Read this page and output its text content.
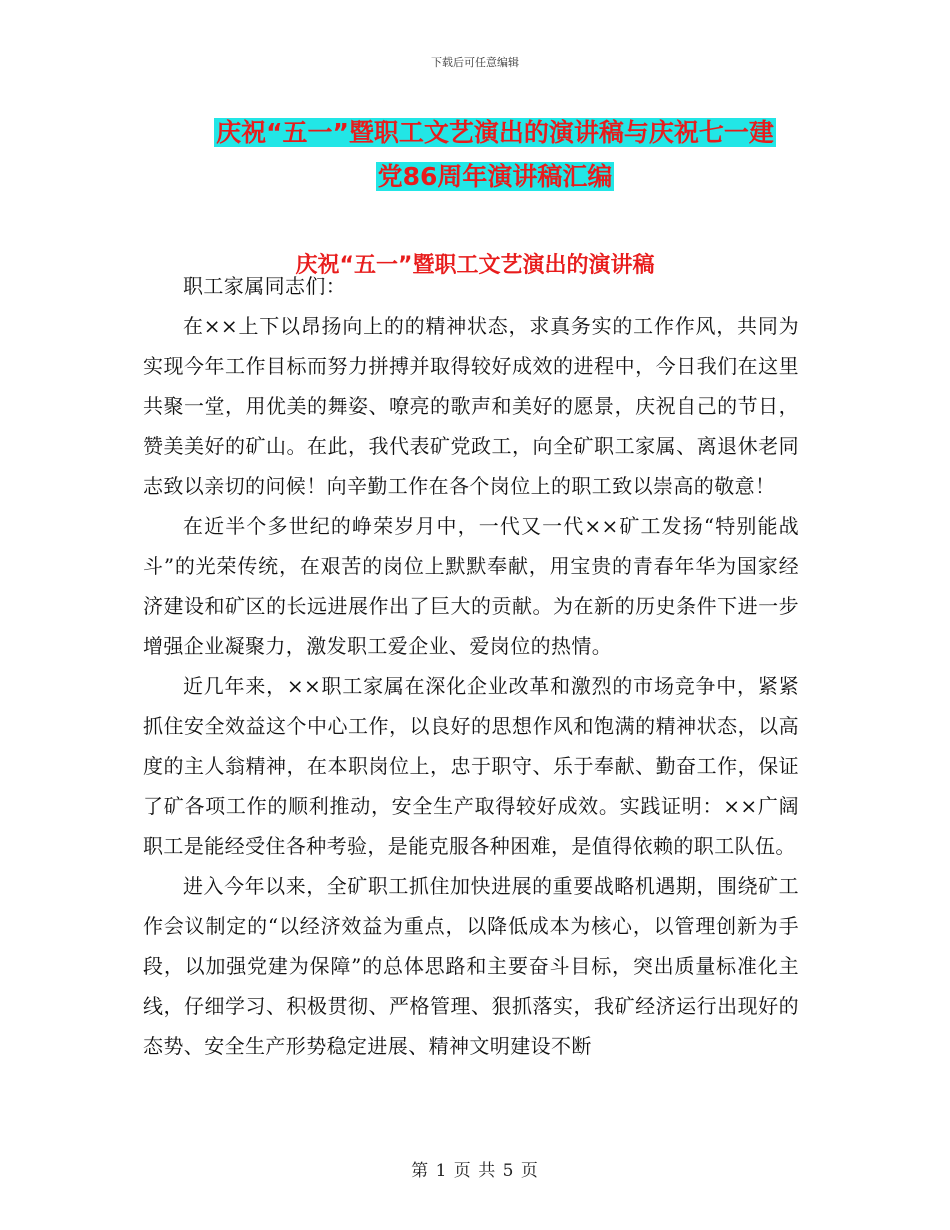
下载后可任意编辑
庆祝“五一”暨职工文艺演出的演讲稿与庆祝七一建
党86周年演讲稿汇编
庆祝“五一”暨职工文艺演出的演讲稿

职工家属同志们：

在××上下以昂扬向上的的精神状态，求真务实的工作作风，共同为实现今年工作目标而努力拼搏并取得较好成效的进程中，今日我们在这里共聚一堂，用优美的舞姿、嘹亮的歌声和美好的愿景，庆祝自己的节日，赞美美好的矿山。在此，我代表矿党政工，向全矿职工家属、离退休老同志致以亲切的问候！向辛勤工作在各个岗位上的职工致以崇高的敬意！

在近半个多世纪的峥荣岁月中，一代又一代××矿工发扬“特别能战斗”的光荣传统，在艰苦的岗位上默默奉献，用宝贵的青春年华为国家经济建设和矿区的长远进展作出了巨大的贡献。为在新的历史条件下进一步增强企业凝聚力，激发职工爱企业、爱岗位的热情。

近几年来，××职工家属在深化企业改革和激烈的市场竞争中，紧紧抓住安全效益这个中心工作，以良好的思想作风和饱满的精神状态，以高度的主人翁精神，在本职岗位上，忠于职守、乐于奉献、勤奋工作，保证了矿各项工作的顺利推动，安全生产取得较好成效。实践证明：××广阔职工是能经受住各种考验，是能克服各种困难，是值得依赖的职工队伍。

进入今年以来，全矿职工抓住加快进展的重要战略机遇期，围绕矿工作会议制定的“以经济效益为重点，以降低成本为核心，以管理创新为手段，以加强党建为保障”的总体思路和主要奋斗目标，突出质量标准化主线，仔细学习、积极贯彻、严格管理、狠抓落实，我矿经济运行出现好的态势、安全生产形势稳定进展、精神文明建设不断

第 1 页 共 5 页
